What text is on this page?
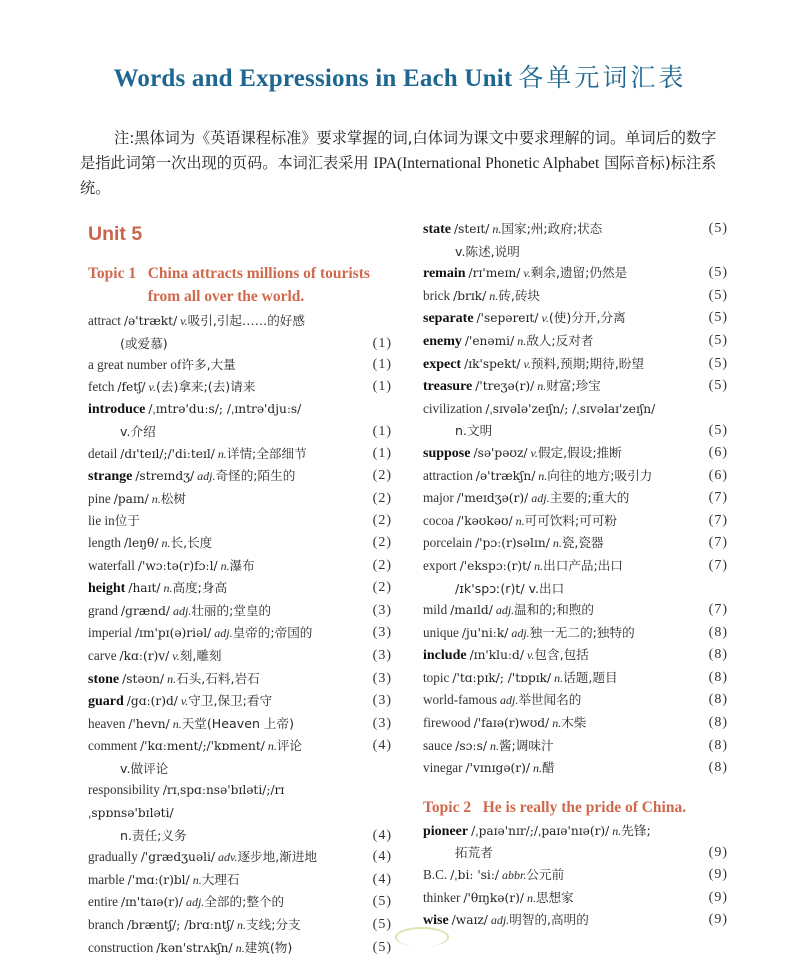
Words and Expressions in Each Unit 各单元词汇表
注:黑体词为《英语课程标准》要求掌握的词,白体词为课文中要求理解的词。单词后的数字是指此词第一次出现的页码。本词汇表采用 IPA(International Phonetic Alphabet 国际音标)标注系统。
Unit 5
Topic 1 China attracts millions of tourists from all over the world.
attract /ə'trækt/ v.吸引,引起……的好感
(或爱慕)	(1)
a great number of许多,大量	(1)
fetch /fetʃ/ v.(去)拿来;(去)请来	(1)
introduce /ˌɪntrə'duːs/; /ˌɪntrə'djuːs/
v.介绍	(1)
detail /dɪ'teɪl/;/'diːteɪl/ n.详情;全部细节	(1)
strange /streɪndʒ/ adj.奇怪的;陌生的	(2)
pine /paɪn/ n.松树	(2)
lie in位于	(2)
length /leŋθ/ n.长,长度	(2)
waterfall /'wɔːtə(r)fɔːl/ n.瀑布	(2)
height /haɪt/ n.高度;身高	(2)
grand /grænd/ adj.壮丽的;堂皇的	(3)
imperial /ɪm'pɪ(ə)riəl/ adj.皇帝的;帝国的	(3)
carve /kɑː(r)v/ v.刻,雕刻	(3)
stone /stəʊn/ n.石头,石料,岩石	(3)
guard /gɑː(r)d/ v.守卫,保卫;看守	(3)
heaven /'hevn/ n.天堂(Heaven 上帝)	(3)
comment /'kɑːment/;/'kɒment/ n.评论	(4)
v.做评论
responsibility /rɪˌspɑːnsə'bɪləti/;/rɪˌspɒnsə'bɪləti/
n.责任;义务	(4)
gradually /'grædʒuəli/ adv.逐步地,渐进地	(4)
marble /'mɑː(r)bl/ n.大理石	(4)
entire /ɪn'taɪə(r)/ adj.全部的;整个的	(5)
branch /bræntʃ/; /brɑːntʃ/ n.支线;分支	(5)
construction /kən'strʌkʃn/ n.建筑(物)	(5)
state /steɪt/ n.国家;州;政府;状态	(5)
v.陈述,说明
remain /rɪ'meɪn/ v.剩余,遗留;仍然是	(5)
brick /brɪk/ n.砖,砖块	(5)
separate /'sepəreɪt/ v.(使)分开,分离	(5)
enemy /'enəmi/ n.敌人;反对者	(5)
expect /ɪk'spekt/ v.预料,预期;期待,盼望	(5)
treasure /'treʒə(r)/ n.财富;珍宝	(5)
civilization /ˌsɪvələ'zeɪʃn/; /ˌsɪvəlaɪ'zeɪʃn/
n.文明	(5)
suppose /sə'pəʊz/ v.假定,假设;推断	(6)
attraction /ə'trækʃn/ n.向往的地方;吸引力	(6)
major /'meɪdʒə(r)/ adj.主要的;重大的	(7)
cocoa /'kəʊkəʊ/ n.可可饮料;可可粉	(7)
porcelain /'pɔː(r)səlɪn/ n.瓷,瓷器	(7)
export /'ekspɔː(r)t/ n.出口产品;出口	(7)
/ɪk'spɔː(r)t/ v.出口
mild /maɪld/ adj.温和的;和煦的	(7)
unique /ju'niːk/ adj.独一无二的;独特的	(8)
include /ɪn'kluːd/ v.包含,包括	(8)
topic /'tɑːpɪk/; /'tɒpɪk/ n.话题,题目	(8)
world-famous adj.举世闻名的	(8)
firewood /'faɪə(r)wʊd/ n.木柴	(8)
sauce /sɔːs/ n.酱;调味汁	(8)
vinegar /'vɪnɪgə(r)/ n.醋	(8)
Topic 2 He is really the pride of China.
pioneer /ˌpaɪə'nɪr/;/ˌpaɪə'nɪə(r)/ n.先锋;
拓荒者	(9)
B.C. /ˌbiː 'siː/ abbr.公元前	(9)
thinker /'θɪŋkə(r)/ n.思想家	(9)
wise /waɪz/ adj.明智的,高明的	(9)
